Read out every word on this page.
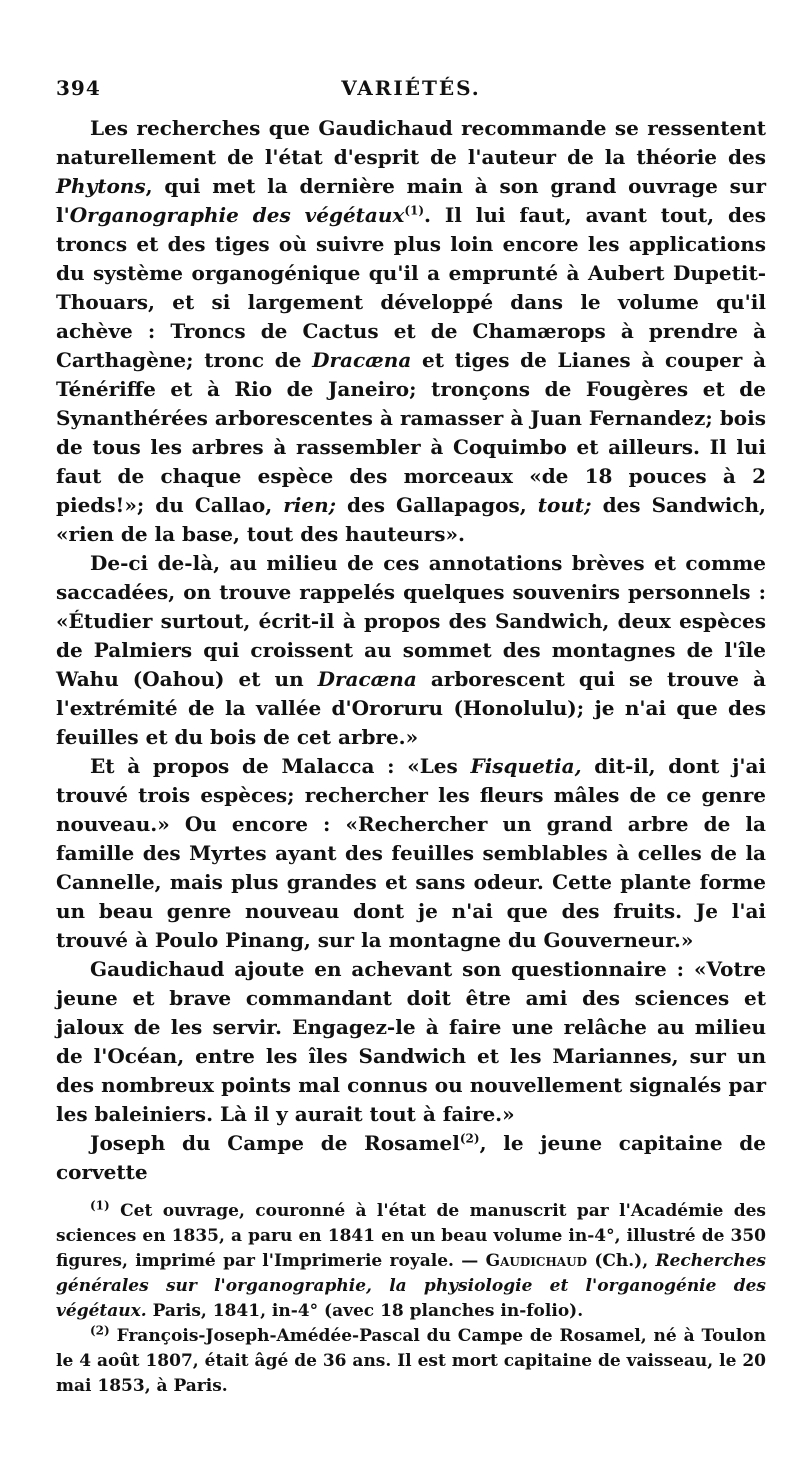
394	VARIÉTÉS.

Les recherches que Gaudichaud recommande se ressentent naturellement de l'état d'esprit de l'auteur de la théorie des Phytons, qui met la dernière main à son grand ouvrage sur l'Organographie des végétaux$^{(1)}$. Il lui faut, avant tout, des troncs et des tiges où suivre plus loin encore les applications du système organogénique qu'il a emprunté à Aubert Dupetit-Thouars, et si largement développé dans le volume qu'il achève : Troncs de Cactus et de Chamærops à prendre à Carthagène; tronc de Dracæna et tiges de Lianes à couper à Ténériffe et à Rio de Janeiro; tronçons de Fougères et de Synanthérées arborescentes à ramasser à Juan Fernandez; bois de tous les arbres à rassembler à Coquimbo et ailleurs. Il lui faut de chaque espèce des morceaux «de 18 pouces à 2 pieds!»; du Callao, rien; des Gallapagos, tout; des Sandwich, «rien de la base, tout des hauteurs».

De-ci de-là, au milieu de ces annotations brèves et comme saccadées, on trouve rappelés quelques souvenirs personnels : «Étudier surtout, écrit-il à propos des Sandwich, deux espèces de Palmiers qui croissent au sommet des montagnes de l'île Wahu (Oahou) et un Dracæna arborescent qui se trouve à l'extrémité de la vallée d'Ororuru (Honolulu); je n'ai que des feuilles et du bois de cet arbre.»

Et à propos de Malacca : «Les Fisquetia, dit-il, dont j'ai trouvé trois espèces; rechercher les fleurs mâles de ce genre nouveau.» Ou encore : «Rechercher un grand arbre de la famille des Myrtes ayant des feuilles semblables à celles de la Cannelle, mais plus grandes et sans odeur. Cette plante forme un beau genre nouveau dont je n'ai que des fruits. Je l'ai trouvé à Poulo Pinang, sur la montagne du Gouverneur.»

Gaudichaud ajoute en achevant son questionnaire : «Votre jeune et brave commandant doit être ami des sciences et jaloux de les servir. Engagez-le à faire une relâche au milieu de l'Océan, entre les îles Sandwich et les Mariannes, sur un des nombreux points mal connus ou nouvellement signalés par les baleiniers. Là il y aurait tout à faire.»

Joseph du Campe de Rosamel$^{(2)}$, le jeune capitaine de corvette

$^{(1)}$ Cet ouvrage, couronné à l'état de manuscrit par l'Académie des sciences en 1835, a paru en 1841 en un beau volume in-4°, illustré de 350 figures, imprimé par l'Imprimerie royale. — Gaudichaud (Ch.), Recherches générales sur l'organographie, la physiologie et l'organogénie des végétaux. Paris, 1841, in-4° (avec 18 planches in-folio).

$^{(2)}$ François-Joseph-Amédée-Pascal du Campe de Rosamel, né à Toulon le 4 août 1807, était âgé de 36 ans. Il est mort capitaine de vaisseau, le 20 mai 1853, à Paris.
